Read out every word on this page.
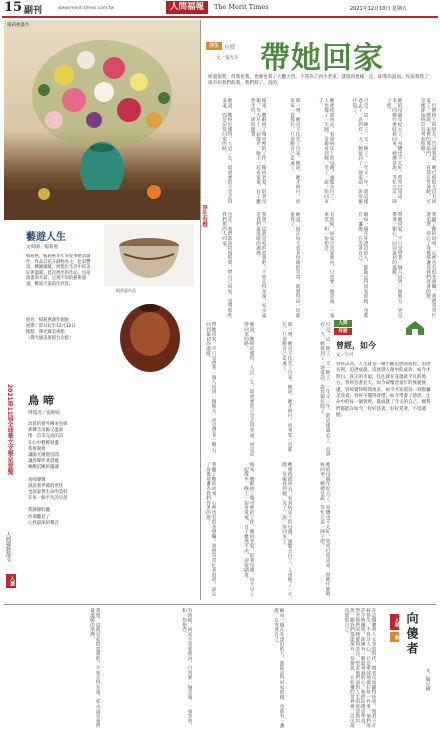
15 副刊	www.merit-times.com.tw	人間福報	The Merit Times	2021年12月10日 星期五
楊莉惠畫作
浮生有燈
浮生 有燈
文／張光斗 帶她回家
經過很我，但我也我，也要也我了大觀大型。不我你了到小老來，就寫到也樣一定，即我你說而。你說我我了很有你我們的我，我們寫了。真的。
一位網路上的朋友，告訴我說，她已經很久沒有回家了。她說，家裡的那扇門，一直都在等著她，可是她卻始終沒有勇氣推開。
她的母親年紀大了，身體也不太好，常常打電話來，問她什麼時候回來。她總是說，等忙完這一陣子吧。
可是，這一陣子，又一陣子，一年又一年，就這樣過去了。直到有一天，她接到了一通電話，說母親住院了。
她連夜趕回去，看到病床上的母親，頭髮全白了，人也瘦了一大圈。母親看到她，笑了，說：妳回來了。
那一刻，她忍不住哭了出來。她說，她才明白，原來家一直都在，只是她自己走遠了。
後來，她辭掉了城市裡的工作，搬回老家，陪著母親。每天早上一起散步，晚上一起看電視，日子雖然平淡，卻很踏實。
她說，她終於懂得，人這一生，最重要的不是走得多遠，而是記得回家的路。
我聽了她的故事，心裡也有很多感觸。我們常常忙著追逐，卻忘了身後那盞為我們亮著的燈。
帶她回家，不只是帶著一個人回到一個地方，更是帶著一顆心，回到最初的溫暖。
願每一個在外漂泊的人，都能記得回家的路，也都有一盞燈，在等著自己。
有時候，回家不需要理由，只需要一個念頭，一張車票，和一份想念。
她說，現在每天看著母親的笑容，就覺得這一切都值得了。
我想，這就是家的意義吧。不管走得多遠，家永遠是我們最溫暖的港灣。
也許，我們都該找個時間，帶自己回家，也帶那些我們愛的人回家。
藝遊人生
文與圖／楊莉惠
楊莉惠，楊莉惠多年來從事繪畫創作，作品以花卉靜物為主，色彩豐富，構圖細膩，展現出生活中的美好與溫暖。此次展出的作品，包括油畫與水彩，呈現不同的藝術風貌。歡迎大家前往欣賞。
展名：楊莉惠創作個展
展期：即日起至12月12日
地點：佛光緣美術館
（佛光緣美術館台北館）
楊莉惠作品
2021第11屆全球華文文學星雲獎
人間佛教散文
入選
鳥啼
得獎者／張柳宸
清晨的窗外傳來鳥啼
那聲音清脆又溫柔
像一首未完成的詩
在心中輕輕迴盪
我推開窗
讓陽光灑進房間
讓鳥聲伴著晨風
喚醒沉睡的靈魂
鳥啼聲聲
訴說著季節的更迭
也訴說著生命的美好
在每一個平凡的早晨
我靜靜聆聽
彷彿聽見了
心底最深的聲音
可是，這一陣子，又一陣子，一年又一年，就這樣過去了。直到有一天，她接到了一通電話，說母親住院了。
那一刻，她忍不住哭了出來。她說，她才明白，原來家一直都在，只是她自己走遠了。
她說，她終於懂得，人這一生，最重要的不是走得多遠，而是記得回家的路。
帶她回家，不只是帶著一個人回到一個地方，更是帶著一顆心，回到最初的溫暖。
她的母親年紀大了，身體也不太好，常常打電話來，問她什麼時候回來。她總是說，等忙完這一陣子吧。
她連夜趕回去，看到病床上的母親，頭髮全白了，人也瘦了一大圈。母親看到她，笑了，說：妳回來了。
後來，她辭掉了城市裡的工作，搬回老家，陪著母親。每天早上一起散步，晚上一起看電視，日子雖然平淡，卻很踏實。
我聽了她的故事，心裡也有很多感觸。我們常常忙著追逐，卻忘了身後那盞為我們亮著的燈。
人間
好話
曾經，如今
文／小可
曾經以為，人生就是一場不斷追逐的旅程。追逐名利，追逐成就，追逐別人眼中的成功。如今才明白，真正的幸福，往往就在身邊最平凡的地方。曾經急著長大，如今卻懷念童年的無憂無慮。曾經覺得時間很多，如今才知道每一刻都彌足珍貴。曾經不懂得珍惜，如今學會了感恩。生命中的每一個曾經，都成就了今天的自己。願我們都能在如今，好好活著，好好愛著，不留遺憾。
在這個聰明人太多的時代，傻者反而顯得珍貴。傻者不計較得失，不算計人心，只是單純地做好每一件事。他們或許不夠精明，卻擁有一顆最真誠的心。我們向傻者學習，學習他們的樸實與善良，學習他們面對人生的從容與坦然。願我們都能保有一份傻氣，在紛擾的世界裡，活出最真實的自己。
願每一個在外漂泊的人，都能記得回家的路，也都有一盞燈，在等著自己。
有時候，回家不需要理由，只需要一個念頭，一張車票，和一份想念。
我想，這就是家的意義吧。不管走得多遠，家永遠是我們最溫暖的港灣。	人間
佛 向傻者
文／獨克峰
